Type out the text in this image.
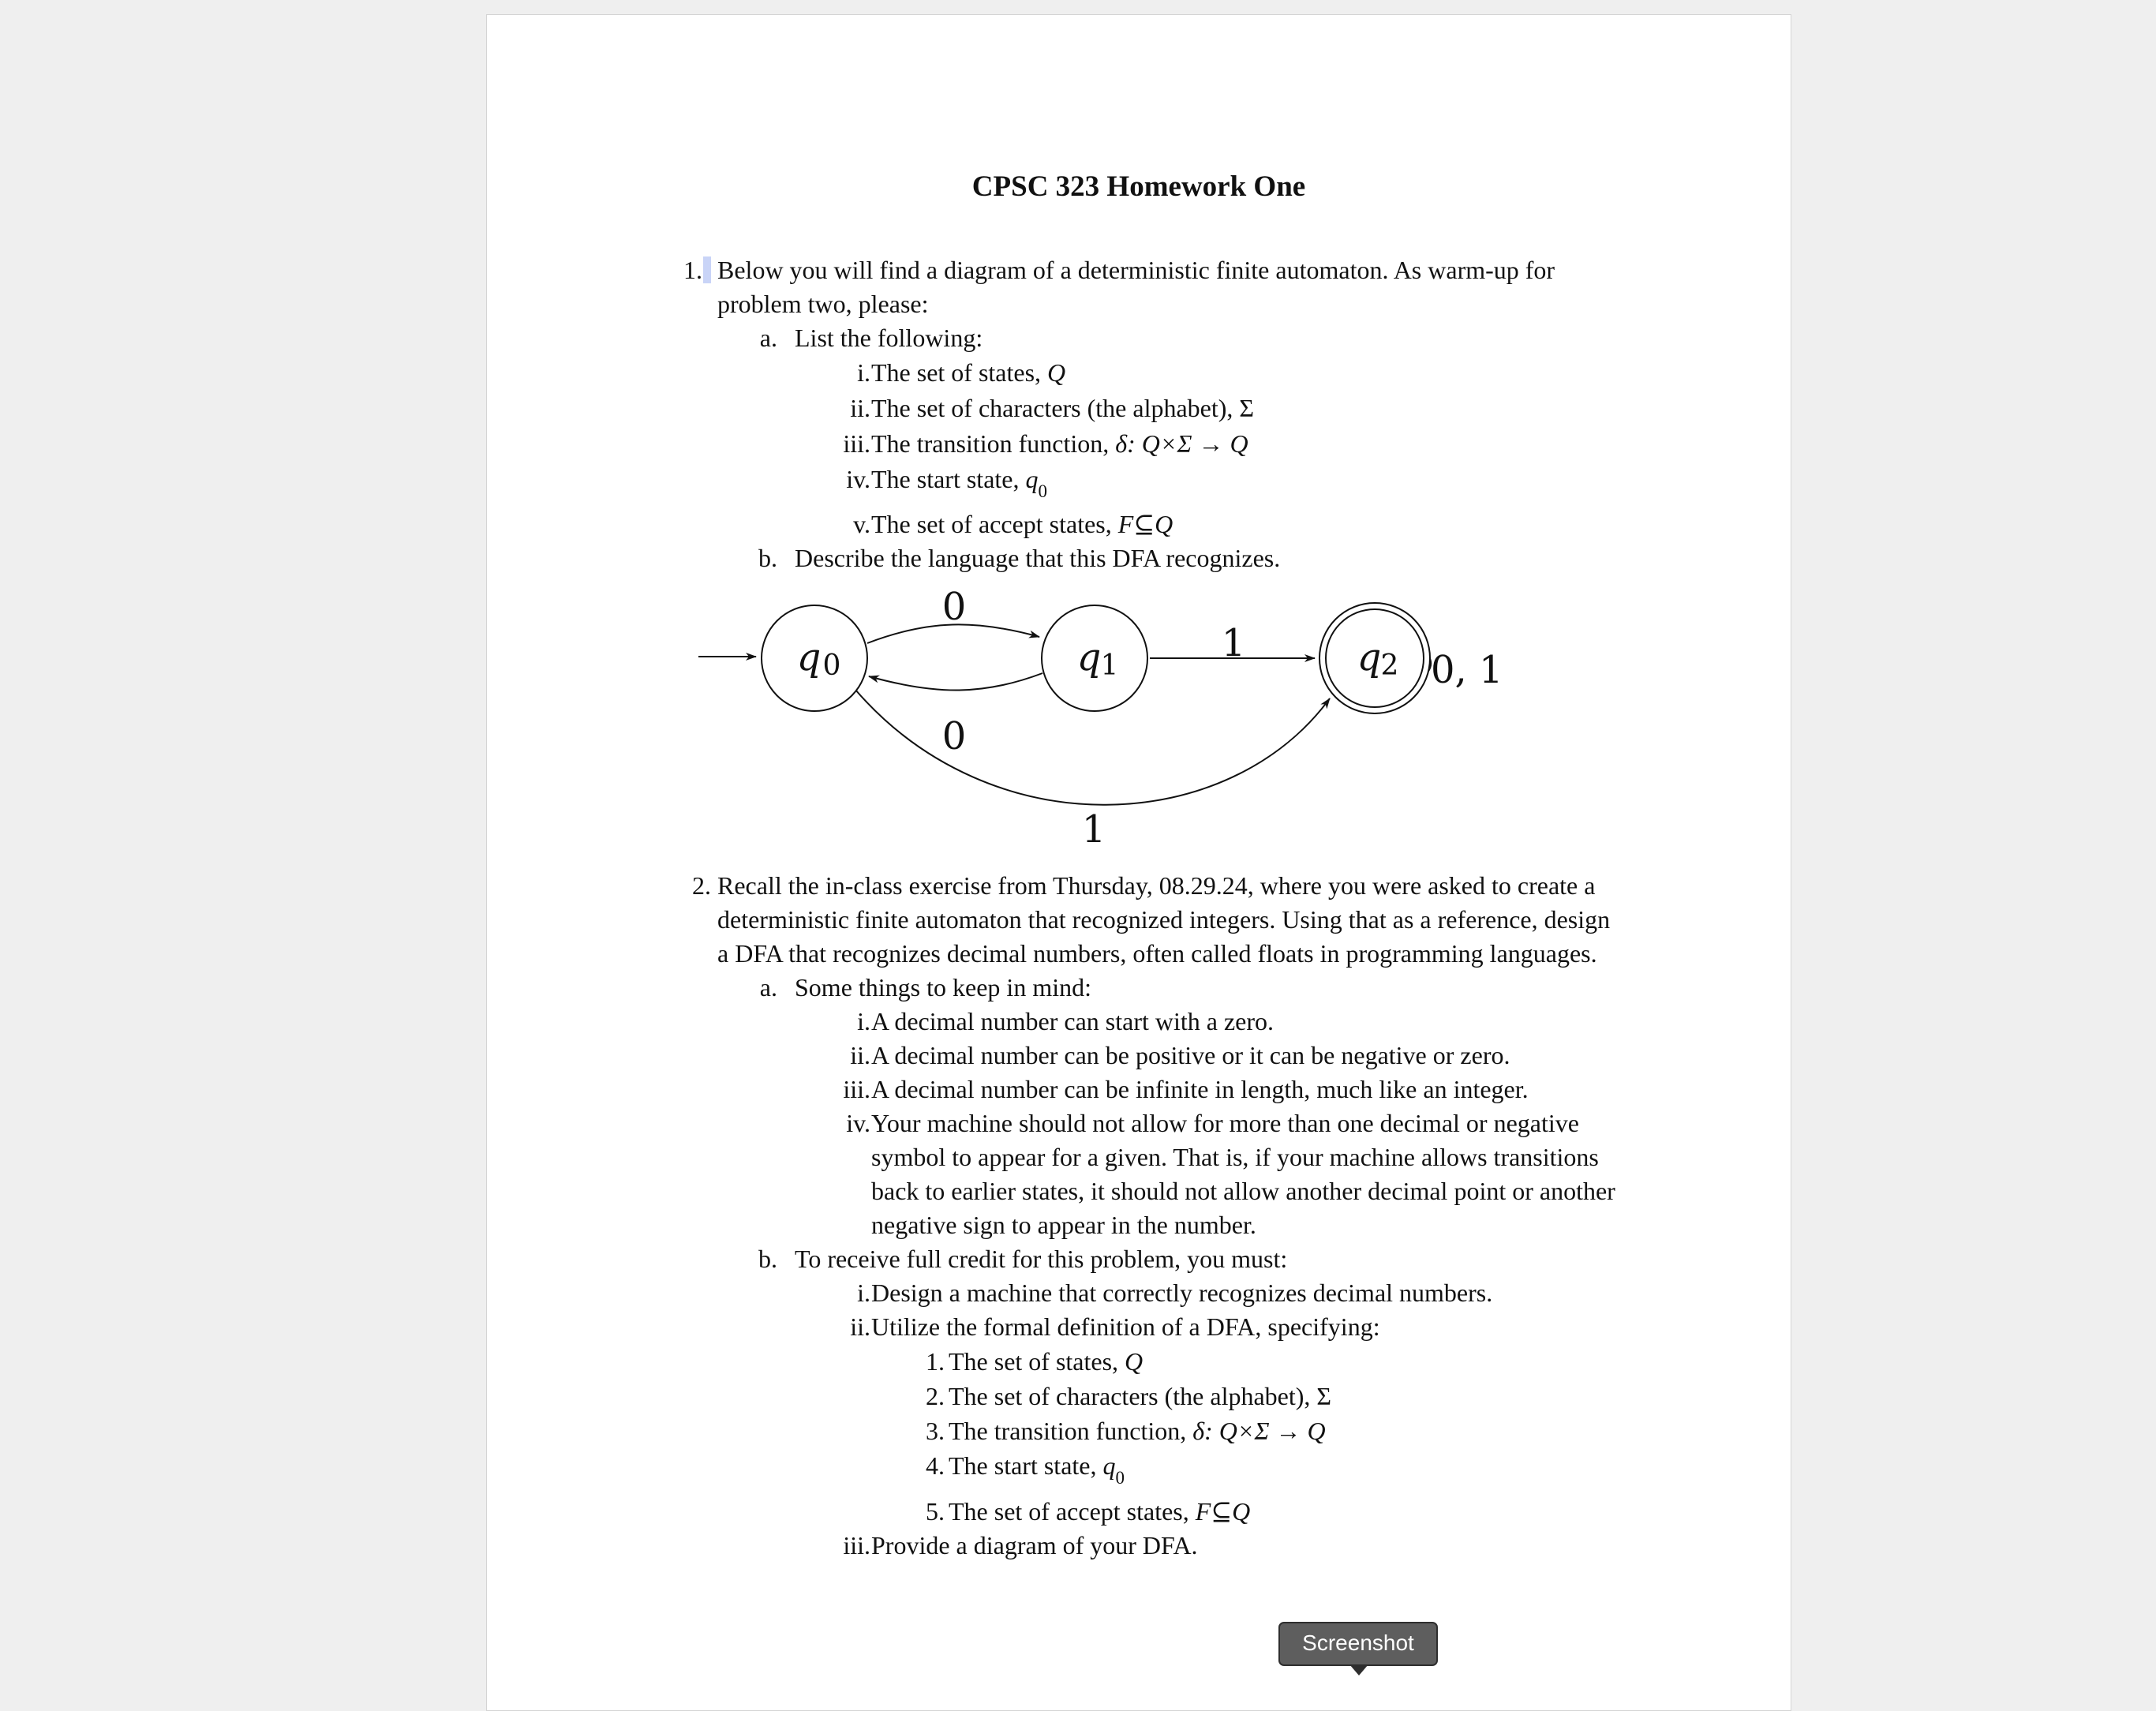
CPSC 323 Homework One
1. Below you will find a diagram of a deterministic finite automaton. As warm-up for
problem two, please:
a. List the following:
i. The set of states, Q
ii. The set of characters (the alphabet), Σ
iii. The transition function, δ: Q×Σ → Q
iv. The start state, $q_0$
v. The set of accept states, F⊆Q
b. Describe the language that this DFA recognizes.
q 0	q 1	q 2
0
0
1
1
0, 1
2. Recall the in-class exercise from Thursday, 08.29.24, where you were asked to create a
deterministic finite automaton that recognized integers. Using that as a reference, design
a DFA that recognizes decimal numbers, often called floats in programming languages.
a. Some things to keep in mind:
i. A decimal number can start with a zero.
ii. A decimal number can be positive or it can be negative or zero.
iii. A decimal number can be infinite in length, much like an integer.
iv. Your machine should not allow for more than one decimal or negative
symbol to appear for a given. That is, if your machine allows transitions
back to earlier states, it should not allow another decimal point or another
negative sign to appear in the number.
b. To receive full credit for this problem, you must:
i. Design a machine that correctly recognizes decimal numbers.
ii. Utilize the formal definition of a DFA, specifying:
1. The set of states, Q
2. The set of characters (the alphabet), Σ
3. The transition function, δ: Q×Σ → Q
4. The start state, $q_0$
5. The set of accept states, F⊆Q
iii. Provide a diagram of your DFA.
Screenshot
